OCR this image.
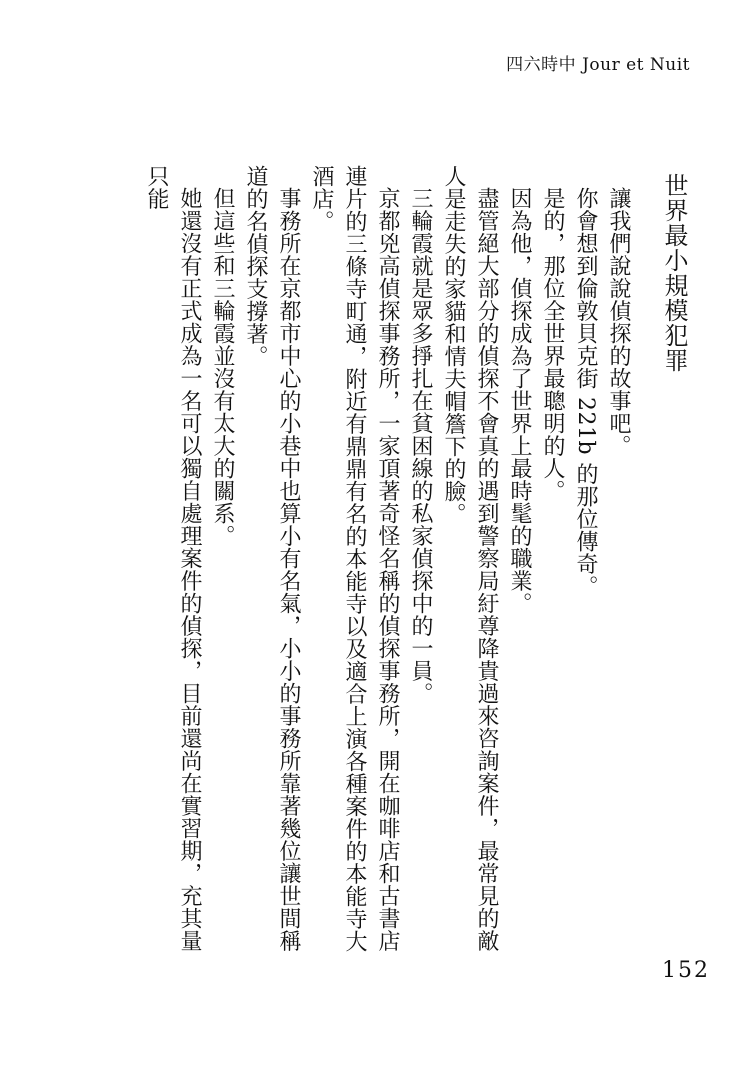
四六時中 Jour et Nuit
世界最小規模犯罪

讓我們說說偵探的故事吧。

你會想到倫敦貝克街 221b 的那位傳奇。

是的，那位全世界最聰明的人。

因為他，偵探成為了世界上最時髦的職業。

盡管絕大部分的偵探不會真的遇到警察局紆尊降貴過來咨詢案件，最常見的敵人是走失的家貓和情夫帽簷下的臉。

三輪霞就是眾多掙扎在貧困線的私家偵探中的一員。

京都兇高偵探事務所，一家頂著奇怪名稱的偵探事務所，開在咖啡店和古書店連片的三條寺町通，附近有鼎鼎有名的本能寺以及適合上演各種案件的本能寺大酒店。

事務所在京都市中心的小巷中也算小有名氣，小小的事務所靠著幾位讓世間稱道的名偵探支撐著。

但這些和三輪霞並沒有太大的關系。

她還沒有正式成為一名可以獨自處理案件的偵探，目前還尚在實習期，充其量只能

152
